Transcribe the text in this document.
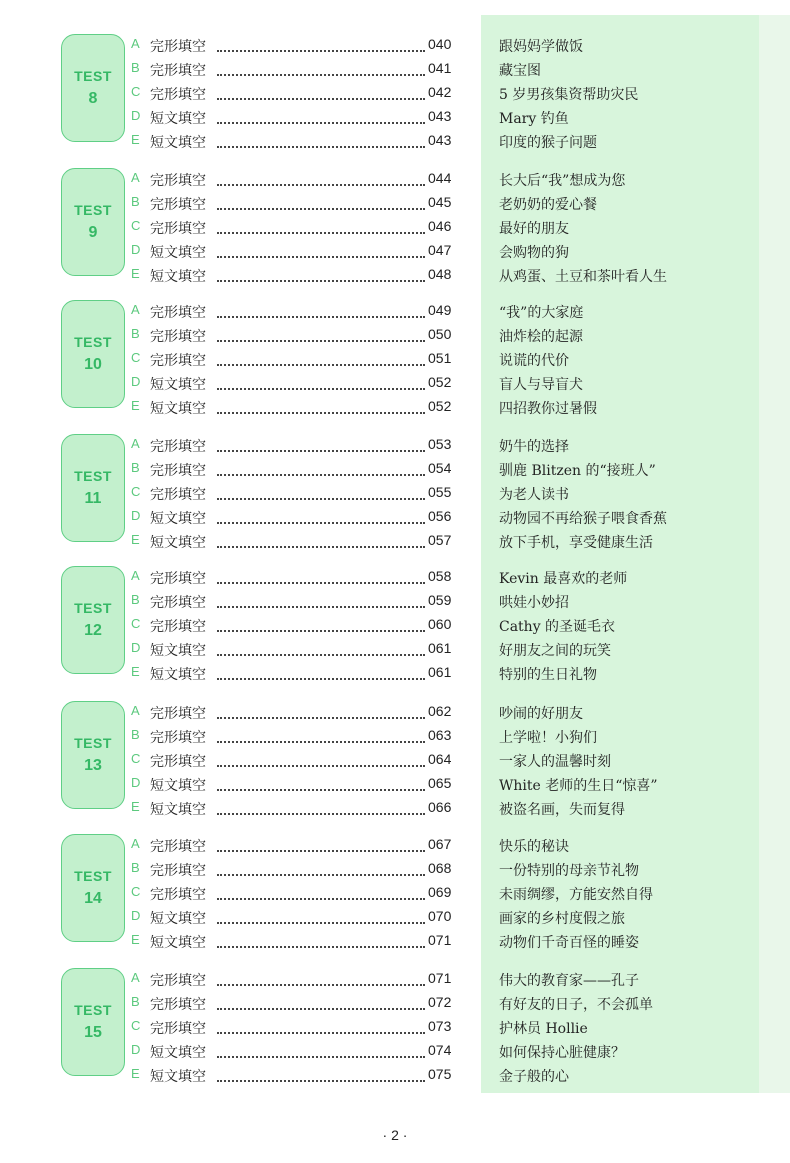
TEST
8
A 完形填空	040	跟妈妈学做饭
B 完形填空	041	藏宝图
C 完形填空	042	5 岁男孩集资帮助灾民
D 短文填空	043	Mary 钓鱼
E 短文填空	043	印度的猴子问题
TEST
9
A 完形填空	044	长大后“我”想成为您
B 完形填空	045	老奶奶的爱心餐
C 完形填空	046	最好的朋友
D 短文填空	047	会购物的狗
E 短文填空	048	从鸡蛋、土豆和茶叶看人生
TEST
10
A 完形填空	049	“我”的大家庭
B 完形填空	050	油炸桧的起源
C 完形填空	051	说谎的代价
D 短文填空	052	盲人与导盲犬
E 短文填空	052	四招教你过暑假
TEST
11
A 完形填空	053	奶牛的选择
B 完形填空	054	驯鹿 Blitzen 的“接班人”
C 完形填空	055	为老人读书
D 短文填空	056	动物园不再给猴子喂食香蕉
E 短文填空	057	放下手机，享受健康生活
TEST
12
A 完形填空	058	Kevin 最喜欢的老师
B 完形填空	059	哄娃小妙招
C 完形填空	060	Cathy 的圣诞毛衣
D 短文填空	061	好朋友之间的玩笑
E 短文填空	061	特别的生日礼物
TEST
13
A 完形填空	062	吵闹的好朋友
B 完形填空	063	上学啦！小狗们
C 完形填空	064	一家人的温馨时刻
D 短文填空	065	White 老师的生日“惊喜”
E 短文填空	066	被盗名画，失而复得
TEST
14
A 完形填空	067	快乐的秘诀
B 完形填空	068	一份特别的母亲节礼物
C 完形填空	069	未雨绸缪，方能安然自得
D 短文填空	070	画家的乡村度假之旅
E 短文填空	071	动物们千奇百怪的睡姿
TEST
15
A 完形填空	071	伟大的教育家——孔子
B 完形填空	072	有好友的日子，不会孤单
C 完形填空	073	护林员 Hollie
D 短文填空	074	如何保持心脏健康？
E 短文填空	075	金子般的心
· 2 ·
